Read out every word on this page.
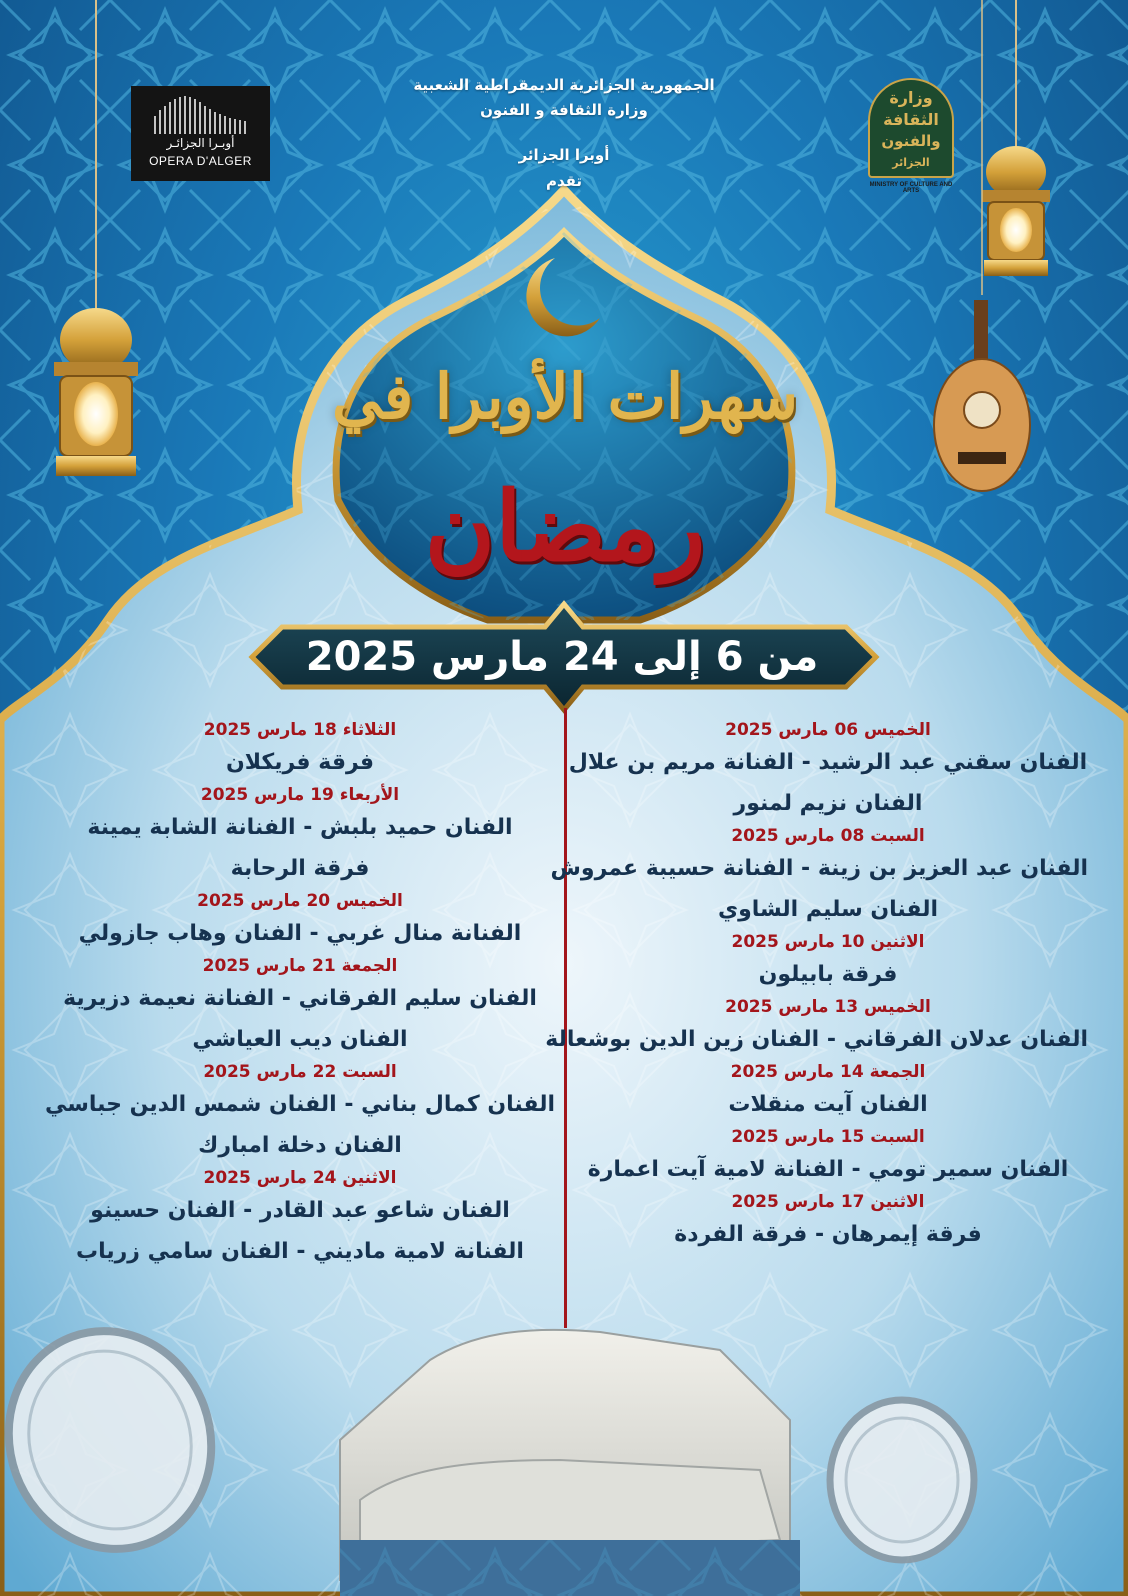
الجمهورية الجزائرية الديمقراطية الشعبية
وزارة الثقافة و الفنون
أوبرا الجزائر
تقدم
أوبـرا الجزائـر
OPERA D'ALGER
وزارة
الثقافة
والفنون
الجزائر
MINISTRY OF CULTURE AND ARTS
سهرات الأوبرا في
رمضان
من 6 إلى 24 مارس 2025
الخميس 06 مارس 2025
الفنان سقني عبد الرشيد - الفنانة مريم بن علال
الفنان نزيم لمنور
السبت 08 مارس 2025
الفنان عبد العزيز بن زينة - الفنانة حسيبة عمروش
الفنان سليم الشاوي
الاثنين 10 مارس 2025
فرقة بابيلون
الخميس 13 مارس 2025
الفنان عدلان الفرقاني - الفنان زين الدين بوشعالة
الجمعة 14 مارس 2025
الفنان آيت منقلات
السبت 15 مارس 2025
الفنان سمير تومي - الفنانة لامية آيت اعمارة
الاثنين 17 مارس 2025
فرقة إيمرهان - فرقة الفردة
الثلاثاء 18 مارس 2025
فرقة فريكلان
الأربعاء 19 مارس 2025
الفنان حميد بلبش - الفنانة الشابة يمينة
فرقة الرحابة
الخميس 20 مارس 2025
الفنانة منال غربي - الفنان وهاب جازولي
الجمعة 21 مارس 2025
الفنان سليم الفرقاني - الفنانة نعيمة دزيرية
الفنان ديب العياشي
السبت 22 مارس 2025
الفنان كمال بناني - الفنان شمس الدين جباسي
الفنان دخلة امبارك
الاثنين 24 مارس 2025
الفنان شاعو عبد القادر - الفنان حسينو
الفنانة لامية ماديني - الفنان سامي زرياب
